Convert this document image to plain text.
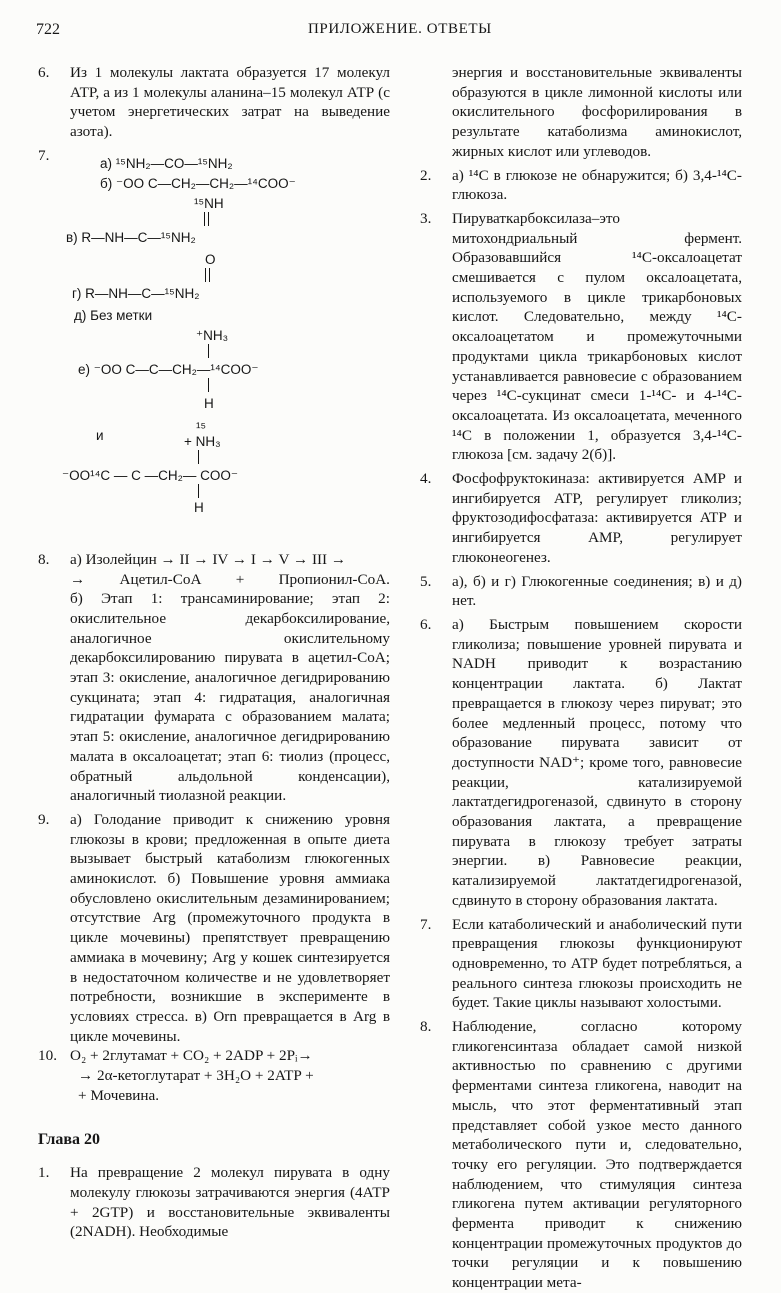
722	ПРИЛОЖЕНИЕ. ОТВЕТЫ
6. Из 1 молекулы лактата образуется 17 молекул АТР, а из 1 молекулы аланина–15 молекул АТР (с учетом энергетических затрат на выведение азота).
7.	а) ¹⁵NH₂—CO—¹⁵NH₂
б) ⁻OO C—CH₂—CH₂—¹⁴COO⁻
¹⁵NH
в) R—NH—C—¹⁵NH₂
O
г) R—NH—C—¹⁵NH₂
д) Без метки
⁺NH₃
е) ⁻OO C—C—CH₂—¹⁴COO⁻
H
и
¹⁵
+ NH₃
⁻OO¹⁴C — C —CH₂— COO⁻
H
8. а) Изолейцин → II → IV → I → V → III →
→ Ацетил-СоА + Пропионил-СоА.
б) Этап 1: трансаминирование; этап 2: окислительное декарбоксилирование, аналогичное окислительному декарбоксилированию пирувата в ацетил-СоА; этап 3: окисление, аналогичное дегидрированию сукцината; этап 4: гидратация, аналогичная гидратации фумарата с образованием малата; этап 5: окисление, аналогичное дегидрированию малата в оксалоацетат; этап 6: тиолиз (процесс, обратный альдольной конденсации), аналогичный тиолазной реакции.
9. а) Голодание приводит к снижению уровня глюкозы в крови; предложенная в опыте диета вызывает быстрый катаболизм глюкогенных аминокислот. б) Повышение уровня аммиака обусловлено окислительным дезаминированием; отсутствие Arg (промежуточного продукта в цикле мочевины) препятствует превращению аммиака в мочевину; Arg у кошек синтезируется в недостаточном количестве и не удовлетворяет потребности, возникшие в эксперименте в условиях стресса. в) Orn превращается в Arg в цикле мочевины.
10. O₂ + 2глутамат + CO₂ + 2ADP + 2Pᵢ→
→ 2α-кетоглутарат + 3H₂O + 2ATP +
+ Мочевина.
Глава 20
1. На превращение 2 молекул пирувата в одну молекулу глюкозы затрачиваются энергия (4АТР + 2GTP) и восстановительные эквиваленты (2NADH). Необходимые
энергия и восстановительные эквиваленты образуются в цикле лимонной кислоты или окислительного фосфорилирования в результате катаболизма аминокислот, жирных кислот или углеводов.
2. а) ¹⁴С в глюкозе не обнаружится; б) 3,4-¹⁴С-глюкоза.
3. Пируваткарбоксилаза–это митохондриальный фермент. Образовавшийся ¹⁴С-оксалоацетат смешивается с пулом оксалоацетата, используемого в цикле трикарбоновых кислот. Следовательно, между ¹⁴С-оксалоацетатом и промежуточными продуктами цикла трикарбоновых кислот устанавливается равновесие с образованием через ¹⁴С-сукцинат смеси 1-¹⁴С- и 4-¹⁴С-оксалоацетата. Из оксалоацетата, меченного ¹⁴С в положении 1, образуется 3,4-¹⁴С-глюкоза [см. задачу 2(б)].
4. Фосфофруктокиназа: активируется AMP и ингибируется ATP, регулирует гликолиз; фруктозодифосфатаза: активируется ATP и ингибируется AMP, регулирует глюконеогенез.
5. а), б) и г) Глюкогенные соединения; в) и д) нет.
6. а) Быстрым повышением скорости гликолиза; повышение уровней пирувата и NADH приводит к возрастанию концентрации лактата. б) Лактат превращается в глюкозу через пируват; это более медленный процесс, потому что образование пирувата зависит от доступности NAD⁺; кроме того, равновесие реакции, катализируемой лактатдегидрогеназой, сдвинуто в сторону образования лактата, а превращение пирувата в глюкозу требует затраты энергии. в) Равновесие реакции, катализируемой лактатдегидрогеназой, сдвинуто в сторону образования лактата.
7. Если катаболический и анаболический пути превращения глюкозы функционируют одновременно, то АТР будет потребляться, а реального синтеза глюкозы происходить не будет. Такие циклы называют холостыми.
8. Наблюдение, согласно которому гликогенсинтаза обладает самой низкой активностью по сравнению с другими ферментами синтеза гликогена, наводит на мысль, что этот ферментативный этап представляет собой узкое место данного метаболического пути и, следовательно, точку его регуляции. Это подтверждается наблюдением, что стимуляция синтеза гликогена путем активации регуляторного фермента приводит к снижению концентрации промежуточных продуктов до точки регуляции и к повышению концентрации мета-
